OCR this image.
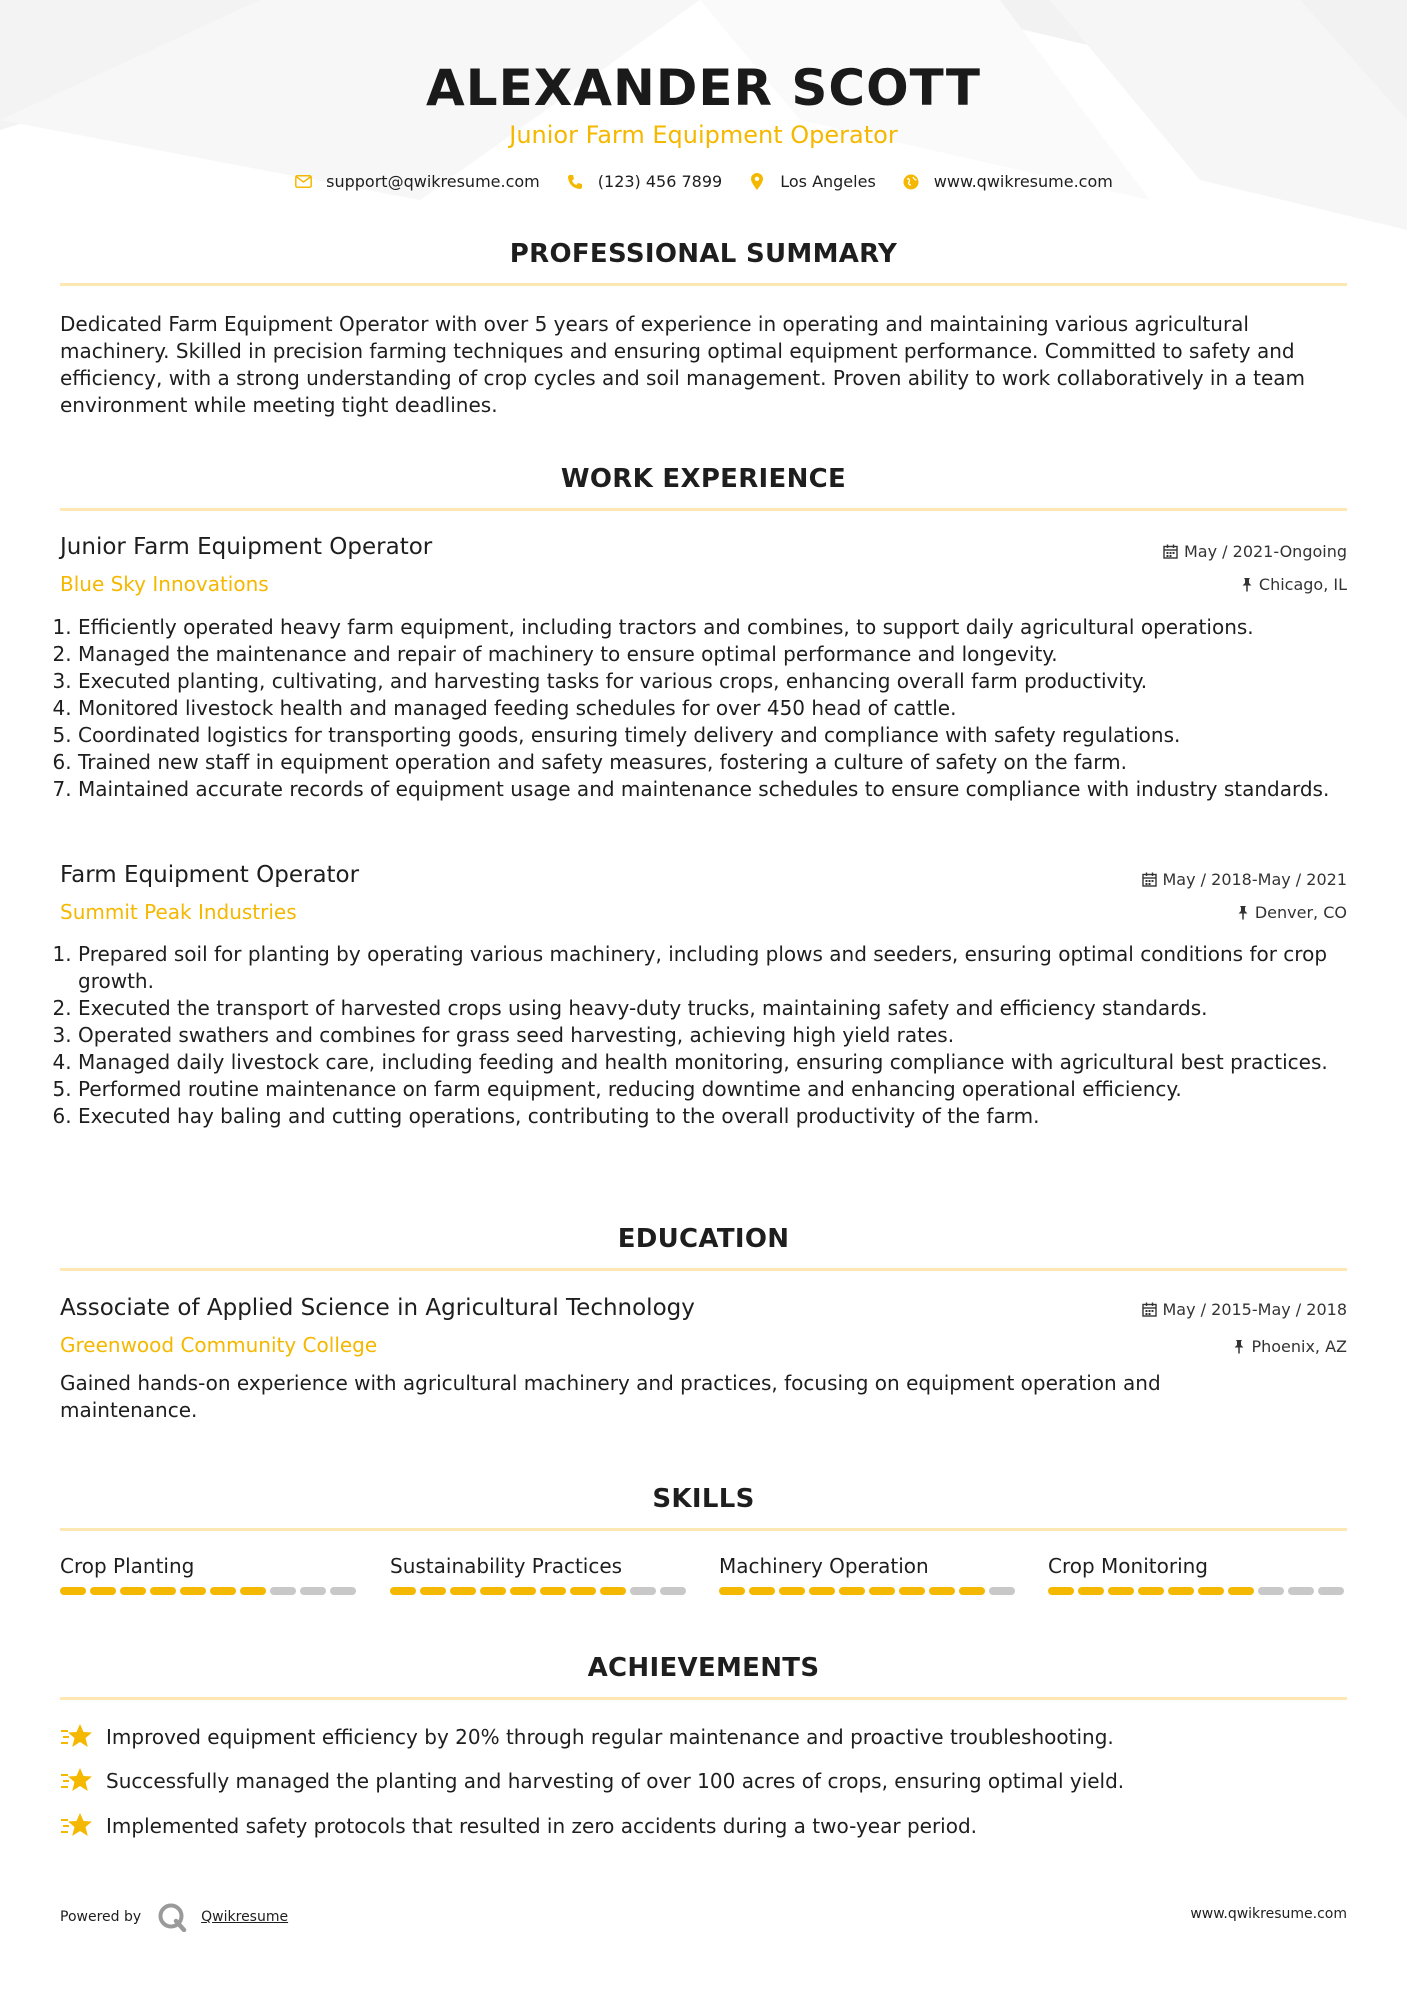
ALEXANDER SCOTT
Junior Farm Equipment Operator
support@qwikresume.com	(123) 456 7899	Los Angeles	www.qwikresume.com
PROFESSIONAL SUMMARY
Dedicated Farm Equipment Operator with over 5 years of experience in operating and maintaining various agricultural machinery. Skilled in precision farming techniques and ensuring optimal equipment performance. Committed to safety and efficiency, with a strong understanding of crop cycles and soil management. Proven ability to work collaboratively in a team environment while meeting tight deadlines.
WORK EXPERIENCE
Junior Farm Equipment Operator	May / 2021-Ongoing
Blue Sky Innovations	Chicago, IL
1. Efficiently operated heavy farm equipment, including tractors and combines, to support daily agricultural operations.
2. Managed the maintenance and repair of machinery to ensure optimal performance and longevity.
3. Executed planting, cultivating, and harvesting tasks for various crops, enhancing overall farm productivity.
4. Monitored livestock health and managed feeding schedules for over 450 head of cattle.
5. Coordinated logistics for transporting goods, ensuring timely delivery and compliance with safety regulations.
6. Trained new staff in equipment operation and safety measures, fostering a culture of safety on the farm.
7. Maintained accurate records of equipment usage and maintenance schedules to ensure compliance with industry standards.
Farm Equipment Operator	May / 2018-May / 2021
Summit Peak Industries	Denver, CO
1. Prepared soil for planting by operating various machinery, including plows and seeders, ensuring optimal conditions for crop growth.
2. Executed the transport of harvested crops using heavy-duty trucks, maintaining safety and efficiency standards.
3. Operated swathers and combines for grass seed harvesting, achieving high yield rates.
4. Managed daily livestock care, including feeding and health monitoring, ensuring compliance with agricultural best practices.
5. Performed routine maintenance on farm equipment, reducing downtime and enhancing operational efficiency.
6. Executed hay baling and cutting operations, contributing to the overall productivity of the farm.
EDUCATION
Associate of Applied Science in Agricultural Technology	May / 2015-May / 2018
Greenwood Community College	Phoenix, AZ
Gained hands-on experience with agricultural machinery and practices, focusing on equipment operation and maintenance.
SKILLS
Crop Planting	Sustainability Practices	Machinery Operation	Crop Monitoring
ACHIEVEMENTS
Improved equipment efficiency by 20% through regular maintenance and proactive troubleshooting.
Successfully managed the planting and harvesting of over 100 acres of crops, ensuring optimal yield.
Implemented safety protocols that resulted in zero accidents during a two-year period.
Powered by	Qwikresume	www.qwikresume.com
